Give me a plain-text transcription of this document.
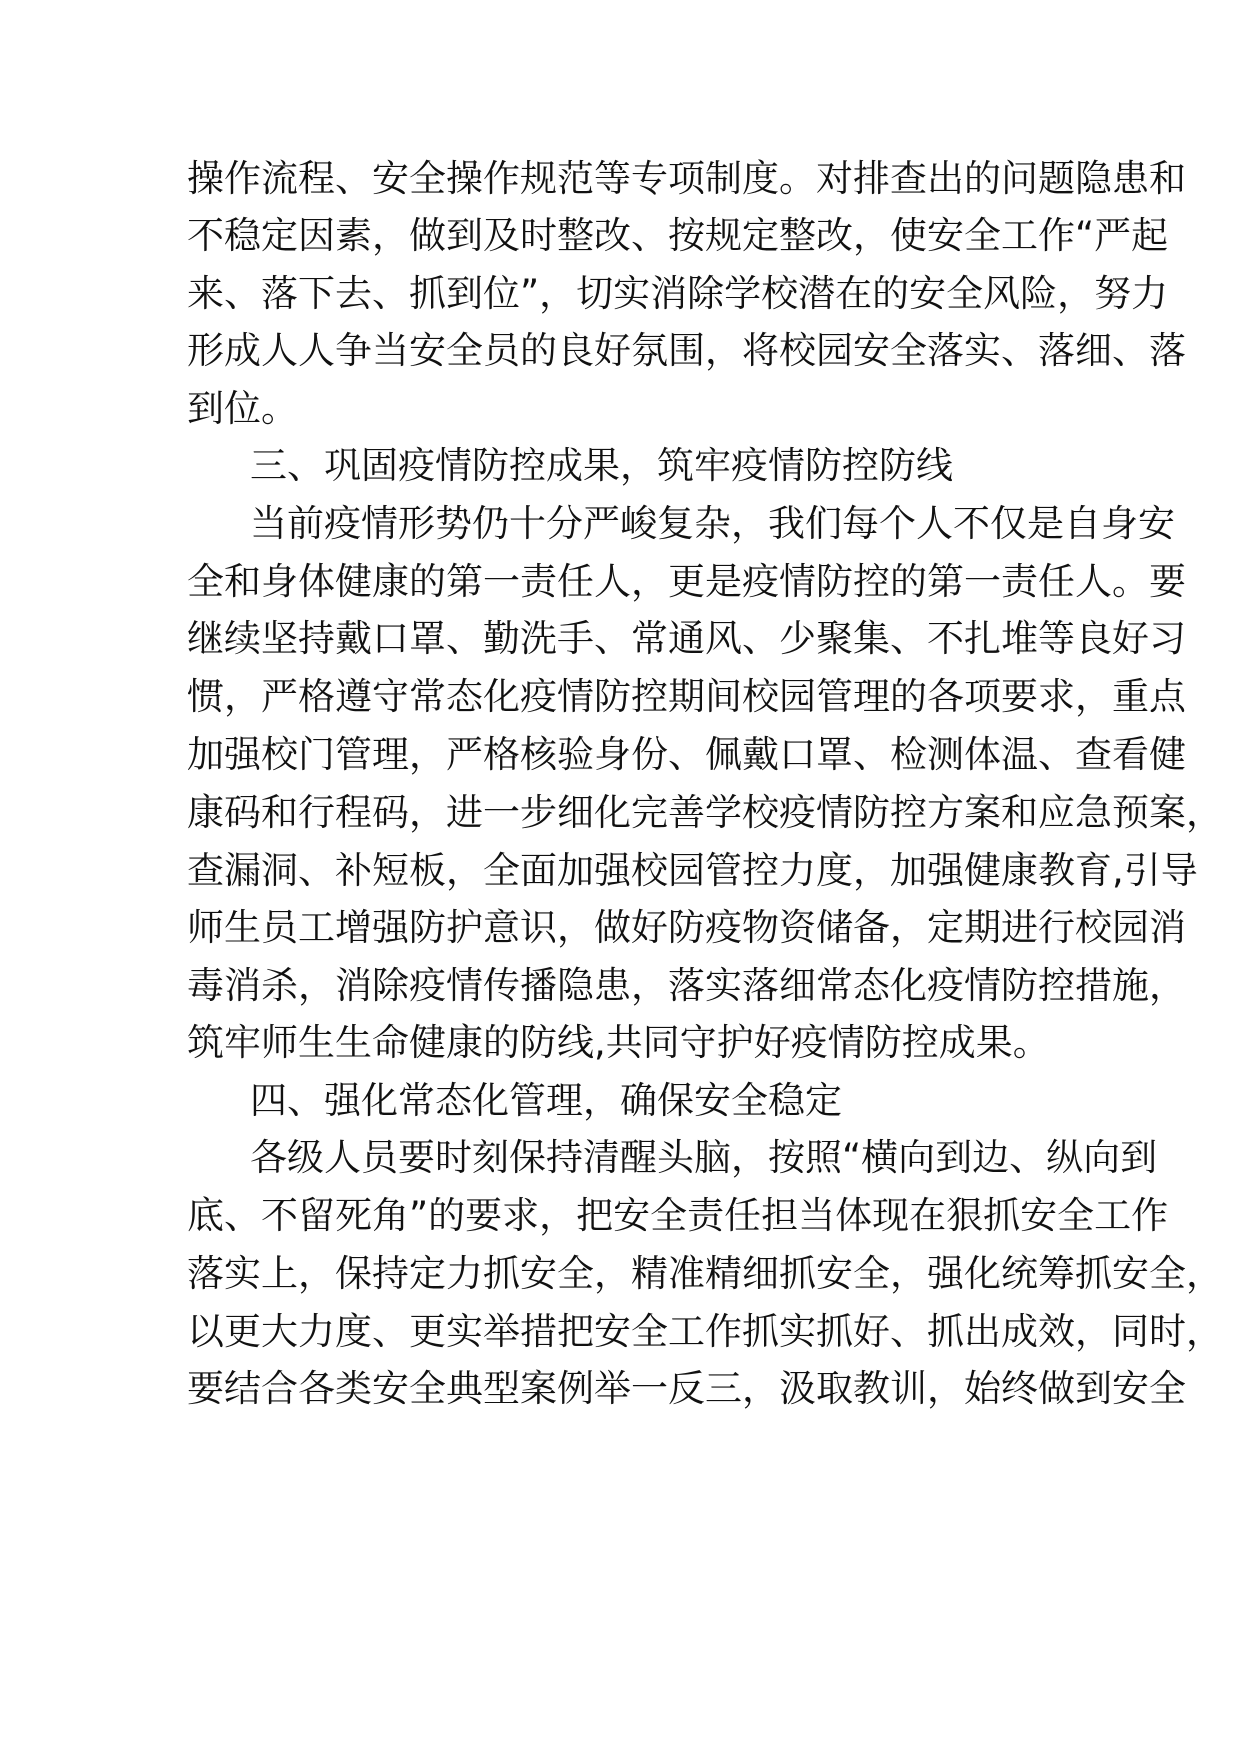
操作流程、安全操作规范等专项制度。对排查出的问题隐患和

不稳定因素，做到及时整改、按规定整改，使安全工作“严起

来、落下去、抓到位”，切实消除学校潜在的安全风险，努力

形成人人争当安全员的良好氛围，将校园安全落实、落细、落

到位。

三、巩固疫情防控成果，筑牢疫情防控防线

当前疫情形势仍十分严峻复杂，我们每个人不仅是自身安

全和身体健康的第一责任人，更是疫情防控的第一责任人。要

继续坚持戴口罩、勤洗手、常通风、少聚集、不扎堆等良好习

惯，严格遵守常态化疫情防控期间校园管理的各项要求，重点

加强校门管理，严格核验身份、佩戴口罩、检测体温、查看健

康码和行程码，进一步细化完善学校疫情防控方案和应急预案，

查漏洞、补短板，全面加强校园管控力度，加强健康教育,引导

师生员工增强防护意识，做好防疫物资储备，定期进行校园消

毒消杀，消除疫情传播隐患，落实落细常态化疫情防控措施，

筑牢师生生命健康的防线,共同守护好疫情防控成果。

四、强化常态化管理，确保安全稳定

各级人员要时刻保持清醒头脑，按照“横向到边、纵向到

底、不留死角”的要求，把安全责任担当体现在狠抓安全工作

落实上，保持定力抓安全，精准精细抓安全，强化统筹抓安全，

以更大力度、更实举措把安全工作抓实抓好、抓出成效，同时，

要结合各类安全典型案例举一反三，汲取教训，始终做到安全
